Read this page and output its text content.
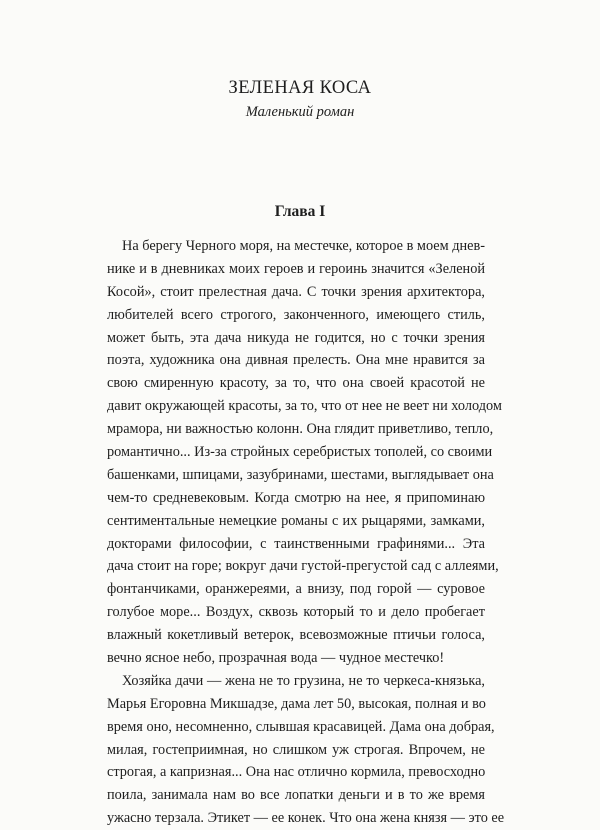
ЗЕЛЕНАЯ КОСА
Маленький роман
Глава I
На берегу Черного моря, на местечке, которое в моем днев-
нике и в дневниках моих героев и героинь значится «Зеленой
Косой», стоит прелестная дача. С точки зрения архитектора,
любителей всего строгого, законченного, имеющего стиль,
может быть, эта дача никуда не годится, но с точки зрения
поэта, художника она дивная прелесть. Она мне нравится за
свою смиренную красоту, за то, что она своей красотой не
давит окружающей красоты, за то, что от нее не веет ни холодом
мрамора, ни важностью колонн. Она глядит приветливо, тепло,
романтично... Из-за стройных серебристых тополей, со своими
башенками, шпицами, зазубринами, шестами, выглядывает она
чем-то средневековым. Когда смотрю на нее, я припоминаю
сентиментальные немецкие романы с их рыцарями, замками,
докторами философии, с таинственными графинями... Эта
дача стоит на горе; вокруг дачи густой-прегустой сад с аллеями,
фонтанчиками, оранжереями, а внизу, под горой — суровое
голубое море... Воздух, сквозь который то и дело пробегает
влажный кокетливый ветерок, всевозможные птичьи голоса,
вечно ясное небо, прозрачная вода — чудное местечко!
Хозяйка дачи — жена не то грузина, не то черкеса-князька,
Марья Егоровна Микшадзе, дама лет 50, высокая, полная и во
время оно, несомненно, слывшая красавицей. Дама она добрая,
милая, гостеприимная, но слишком уж строгая. Впрочем, не
строгая, а капризная... Она нас отлично кормила, превосходно
поила, занимала нам во все лопатки деньги и в то же время
ужасно терзала. Этикет — ее конек. Что она жена князя — это ее
